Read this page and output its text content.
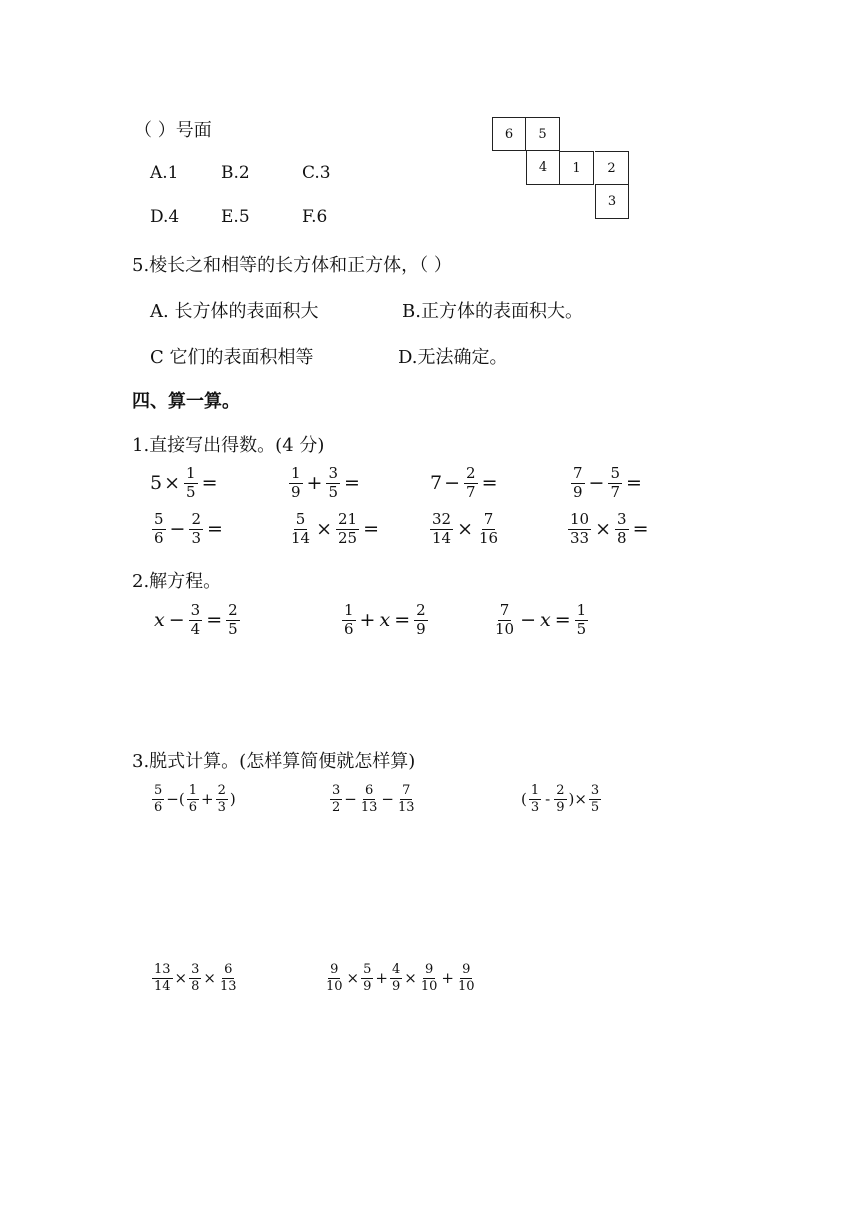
（ ）号面
A.1	B.2	C.3
D.4 E.5	F.6
6	5
4	1	2
3
5.棱长之和相等的长方体和正方体，（ ）
A. 长方体的表面积大	B.正方体的表面积大。
C 它们的表面积相等	D.无法确定。
四、算一算。
1.直接写出得数。(4 分)
$5 \times \frac{1}{5}$ =	$\frac{1}{9} + \frac{3}{5}$ =	$7 - \frac{2}{7}$ =	$\frac{7}{9} - \frac{5}{7}$ =
$\frac{5}{6} - \frac{2}{3}$ =	$\frac{5}{14} \times \frac{21}{25}$ =	$\frac{32}{14} \times \frac{7}{16}$	$\frac{10}{33} \times \frac{3}{8}$ =
2.解方程。
$x - \frac{3}{4} = \frac{2}{5}$	$\frac{1}{6} + x = \frac{2}{9}$	$\frac{7}{10} - x = \frac{1}{5}$
3.脱式计算。(怎样算简便就怎样算)
$\frac{5}{6}$ −( $\frac{1}{6} + \frac{2}{3}$ )	$\frac{3}{2} - \frac{6}{13} - \frac{7}{13}$	( $\frac{1}{3} - \frac{2}{9}$ )× $\frac{3}{5}$
$\frac{13}{14} \times \frac{3}{8} \times \frac{6}{13}$	$\frac{9}{10} \times \frac{5}{9} + \frac{4}{9} \times \frac{9}{10} + \frac{9}{10}$
